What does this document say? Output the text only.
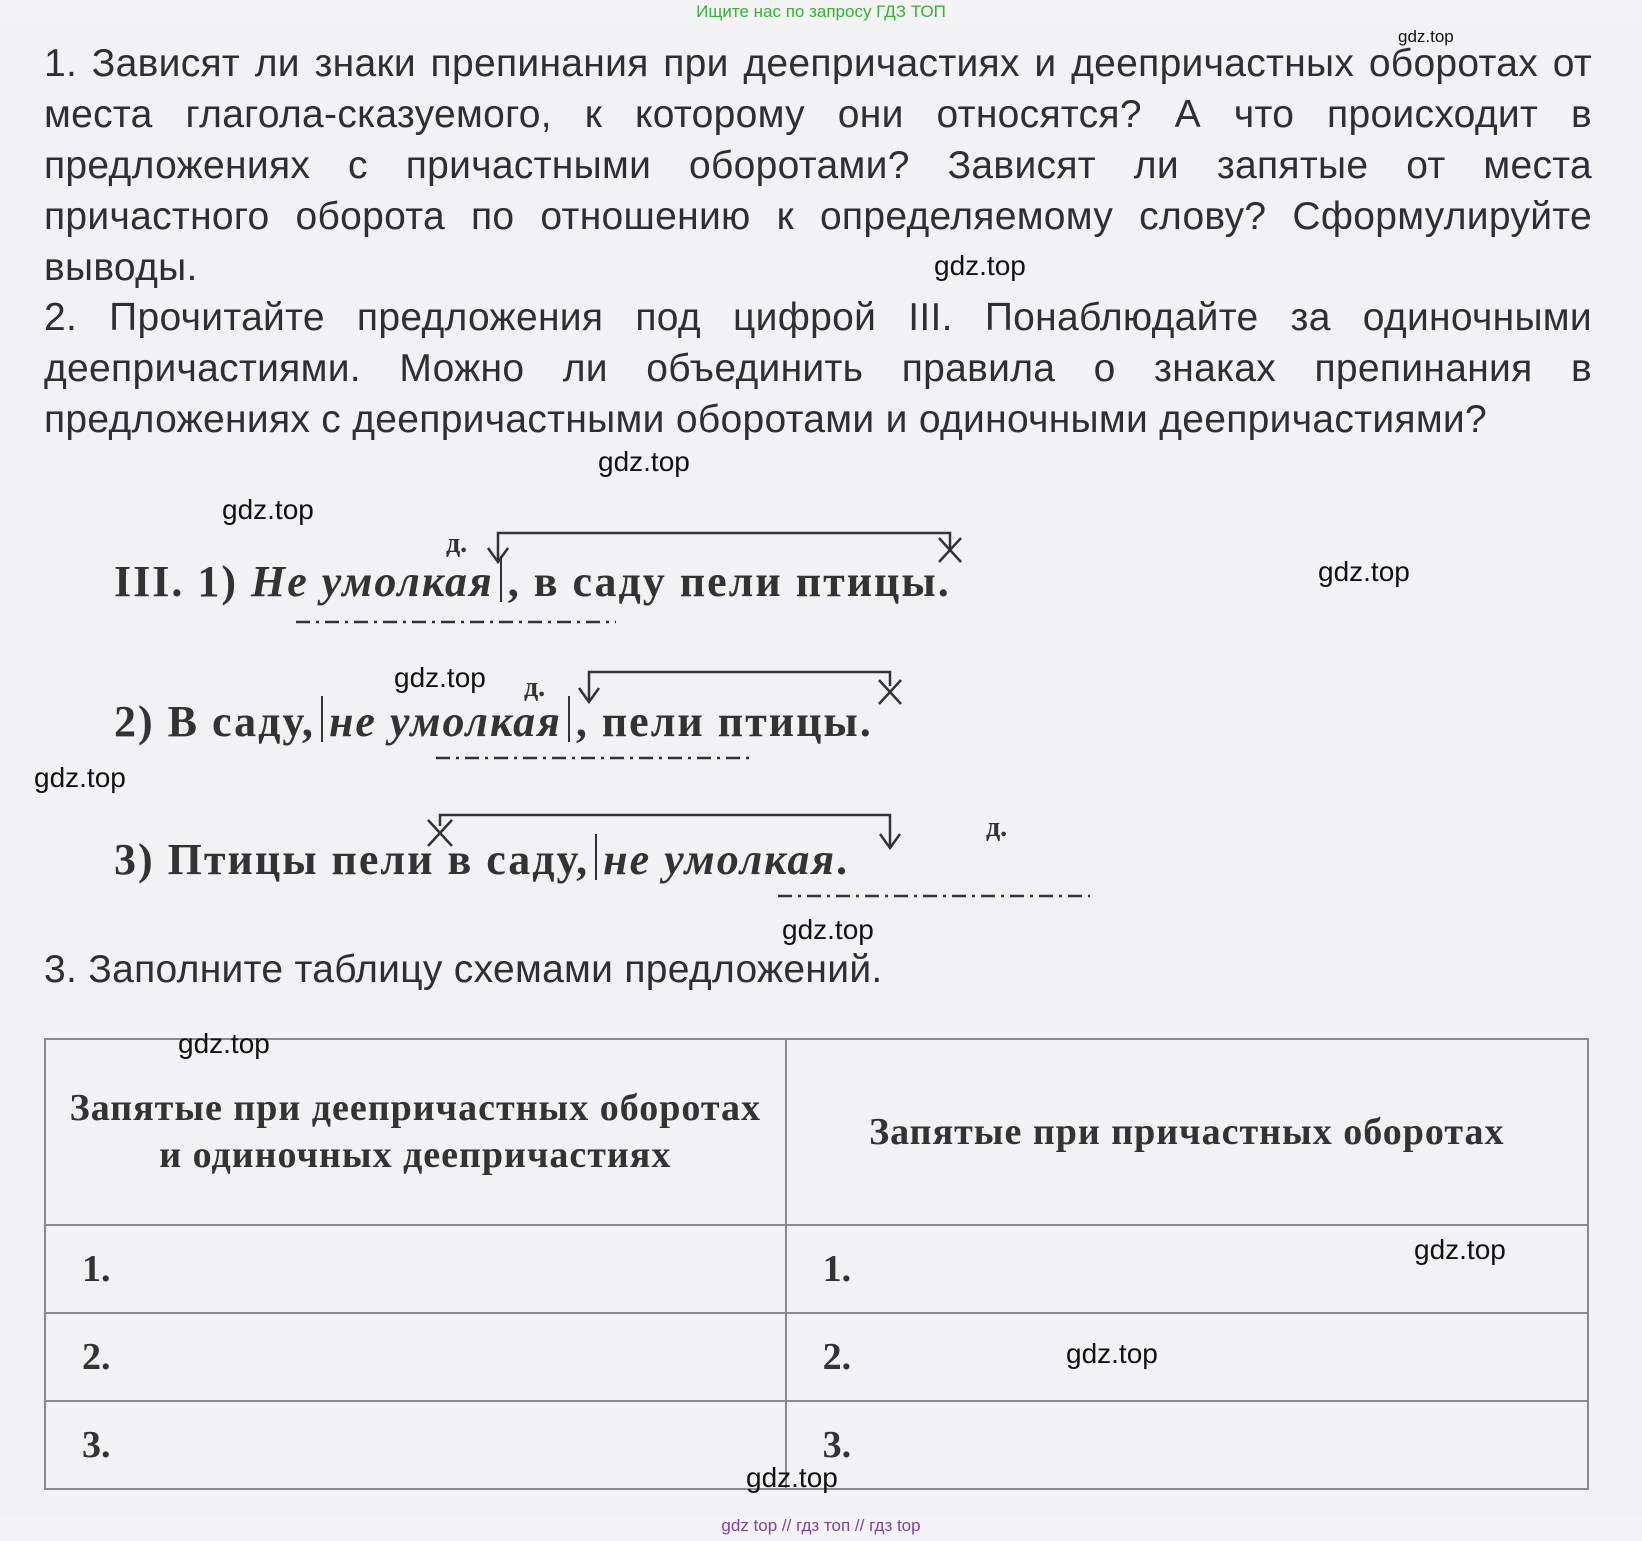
Ищите нас по запросу ГДЗ ТОП
1. Зависят ли знаки препинания при деепричастиях и деепричастных оборотах от места глагола-сказуемого, к которому они относятся? А что происходит в предложениях с причастными оборотами? Зависят ли запятые от места причастного оборота по отношению к определяемому слову? Сформулируйте выводы.
2. Прочитайте предложения под цифрой III. Понаблюдайте за одиночными деепричастиями. Можно ли объединить правила о знаках препинания в предложениях с деепричастными оборотами и одиночными деепричастиями?
3. Заполните таблицу схемами предложений.
III. 1) Не умолкая , в саду пели птицы.
д.
2) В саду, не умолкая , пели птицы.
д.
3) Птицы пели в саду, не умолкая.
д.
Запятые при деепричастных оборотах и одиночных деепричастиях	Запятые при причастных оборотах
1.	1.
2.	2.
3.	3.
gdz.top
gdz.top
gdz.top
gdz.top
gdz.top
gdz.top
gdz.top
gdz.top
gdz.top
gdz.top
gdz.top
gdz.top
gdz top // гдз топ // гдз top
